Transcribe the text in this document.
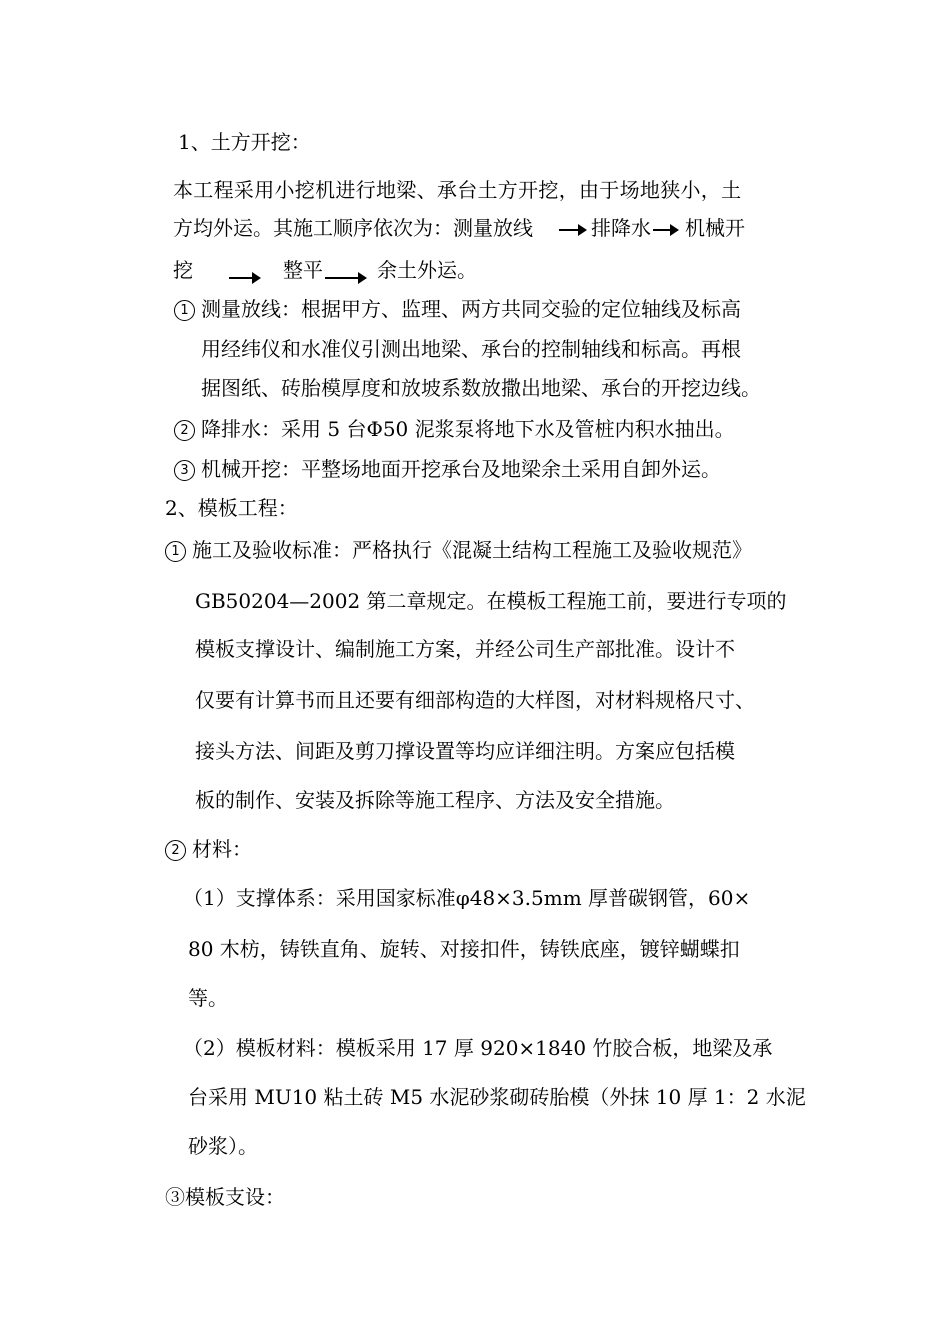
1、土方开挖：
本工程采用小挖机进行地梁、承台土方开挖，由于场地狭小，土
方均外运。其施工顺序依次为：测量放线	排降水 机械开
挖	整平	余土外运。
1 测量放线：根据甲方、监理、两方共同交验的定位轴线及标高
用经纬仪和水准仪引测出地梁、承台的控制轴线和标高。再根
据图纸、砖胎模厚度和放坡系数放撒出地梁、承台的开挖边线。
2 降排水：采用 5 台Φ50 泥浆泵将地下水及管桩内积水抽出。
3 机械开挖：平整场地面开挖承台及地梁余土采用自卸外运。
2、模板工程：
1 施工及验收标准：严格执行《混凝土结构工程施工及验收规范》
GB50204—2002 第二章规定。在模板工程施工前，要进行专项的
模板支撑设计、编制施工方案，并经公司生产部批准。设计不
仅要有计算书而且还要有细部构造的大样图，对材料规格尺寸、
接头方法、间距及剪刀撑设置等均应详细注明。方案应包括模
板的制作、安装及拆除等施工程序、方法及安全措施。
2 材料：
（1）支撑体系：采用国家标准φ48×3.5mm 厚普碳钢管，60×
80 木枋，铸铁直角、旋转、对接扣件，铸铁底座，镀锌蝴蝶扣
等。
（2）模板材料：模板采用 17 厚 920×1840 竹胶合板，地梁及承
台采用 MU10 粘土砖 M5 水泥砂浆砌砖胎模（外抹 10 厚 1：2 水泥
砂浆）。
③模板支设：
